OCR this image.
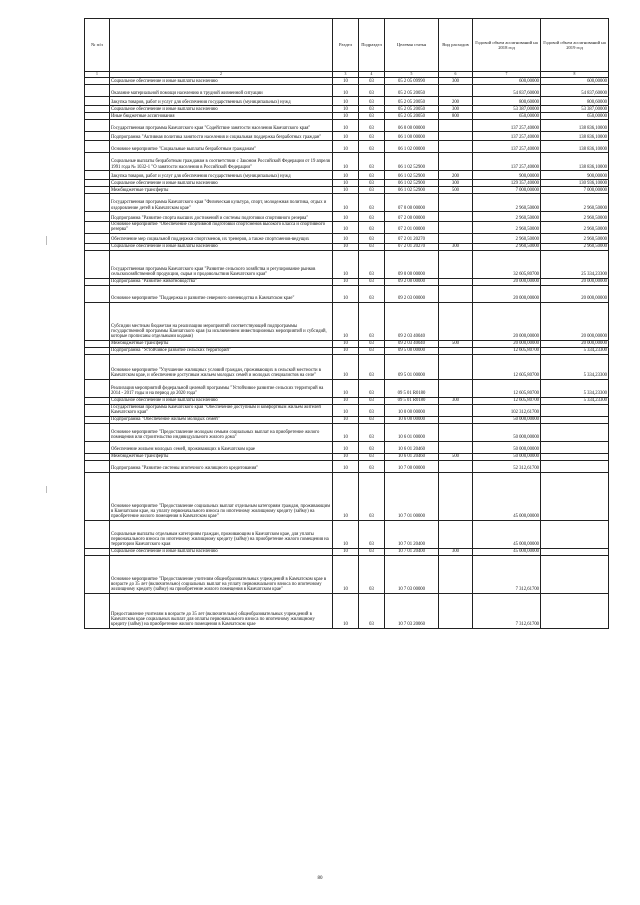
№ п/п		Раздел	Подраздел	Целевая статья	Вид расходов	Годовой объем ассигнований на 2018 год	Годовой объем ассигнований на 2019 год
1	2	3	4	5	6	7	8
	Социальное обеспечение и иные выплаты населению	10	03	05 2 05 09990	300	600,00000	600,00000
	Оказание материальной помощи населению в трудной жизненной ситуации	10	03	05 2 05 20050		54 837,60000	54 837,60000
	Закупка товаров, работ и услуг для обеспечения государственных (муниципальных) нужд	10	03	05 2 05 20050	200	800,60000	800,60000
	Социальное обеспечение и иные выплаты населению	10	03	05 2 05 20050	300	53 387,00000	53 387,00000
	Иные бюджетные ассигнования	10	03	05 2 05 20050	800	650,00000	650,00000
	Государственная программа Камчатского края "Содействие занятости населения Камчатского края"	10	03	06 0 00 00000		137 257,40000	138 836,10000
	Подпрограмма "Активная политика занятости населения и социальная поддержка безработных граждан"	10	03	06 1 00 00000		137 257,40000	138 836,10000
	Основное мероприятие "Социальные выплаты безработным гражданам"	10	03	06 1 02 00000		137 257,40000	138 836,10000
	Социальные выплаты безработным гражданам в соответствии с Законом Российской Федерации от 19 апреля 1991 года № 1032-1 "О занятости населения в Российской Федерации"	10	03	06 1 02 52900		137 257,40000	138 836,10000
	Закупка товаров, работ и услуг для обеспечения государственных (муниципальных) нужд	10	03	06 1 02 52900	200	900,00000	900,00000
	Социальное обеспечение и иные выплаты населению	10	03	06 1 02 52900	300	129 357,40000	130 936,10000
	Межбюджетные трансферты	10	03	06 1 02 52900	500	7 000,00000	7 000,00000
	Государственная программа Камчатского края "Физическая культура, спорт, молодежная политика, отдых и оздоровление детей в Камчатском крае"	10	03	07 0 00 00000		2 960,50000	2 960,50000
	Подпрограмма "Развитие спорта высших достижений и системы подготовки спортивного резерва"	10	03	07 2 00 00000		2 960,50000	2 960,50000
	Основное мероприятие "Обеспечение спортивной подготовки спортсменов высокого класса и спортивного резерва"	10	03	07 2 01 00000		2 960,50000	2 960,50000
	Обеспечение мер социальной поддержки спортсменов, их тренеров, а также спортсменов-ведущих	10	03	07 2 01 20270		2 960,50000	2 960,50000
	Социальное обеспечение и иные выплаты населению	10	03	07 2 01 20270	300	2 960,50000	2 960,50000
	Государственная программа Камчатского края "Развитие сельского хозяйства и регулирование рынков сельскохозяйственной продукции, сырья и продовольствия Камчатского края"	10	03	09 0 00 00000		32 605,80700	25 334,23300
	Подпрограмма "Развитие животноводства"	10	03	09 2 00 00000		20 000,00000	20 000,00000
	Основное мероприятие "Поддержка и развитие северного оленеводства в Камчатском крае"	10	03	09 2 03 00000		20 000,00000	20 000,00000
	Субсидии местным бюджетам на реализацию мероприятий соответствующей подпрограммы государственной программы Камчатского края (за исключением инвестиционных мероприятий и субсидий, которые прописаны отдельными кодами)	10	03	09 2 03 40040		20 000,00000	20 000,00000
	Межбюджетные трансферты	10	03	09 2 03 40040	500	20 000,00000	20 000,00000
	Подпрограмма "Устойчивое развитие сельских территорий"	10	03	09 5 00 00000		12 605,80700	5 334,23300
	Основное мероприятие "Улучшение жилищных условий граждан, проживающих в сельской местности в Камчатском крае, и обеспечение доступным жильем молодых семей и молодых специалистов на селе"	10	03	09 5 01 00000		12 605,80700	5 334,23300
	Реализация мероприятий федеральной целевой программы "Устойчивое развитие сельских территорий на 2014 - 2017 годы и на период до 2020 года"	10	03	09 5 01 R0180		12 605,80700	5 334,23300
	Социальное обеспечение и иные выплаты населению	10	03	09 5 01 R0180	300	12 605,80700	5 334,23300
	Государственная программа Камчатского края "Обеспечение доступным и комфортным жильем жителей Камчатского края"	10	03	10 0 00 00000		102 312,61700	
	Подпрограмма "Обеспечение жильем молодых семей"	10	03	10 6 00 00000		50 000,00000	
	Основное мероприятие "Предоставление молодым семьям социальных выплат на приобретение жилого помещения или строительство индивидуального жилого дома"	10	03	10 6 01 00000		50 000,00000	
	Обеспечение жильем молодых семей, проживающих в Камчатском крае	10	03	10 6 01 20460		50 000,00000	
	Межбюджетные трансферты	10	03	10 6 01 20460	500	50 000,00000	
	Подпрограмма "Развитие системы ипотечного жилищного кредитования"	10	03	10 7 00 00000		52 312,61700	
	Основное мероприятие "Предоставление социальных выплат отдельным категориям граждан, проживающим в Камчатском крае, на уплату первоначального взноса по ипотечному жилищному кредиту (займу) на приобретение жилого помещения в Камчатском крае"	10	03	10 7 01 00000		45 000,00000	
	Социальные выплаты отдельным категориям граждан, проживающим в Камчатском крае, для уплаты первоначального взноса по ипотечному жилищному кредиту (займу) на приобретение жилого помещения на территории Камчатского края	10	03	10 7 01 20400		45 000,00000	
	Социальное обеспечение и иные выплаты населению	10	03	10 7 01 20400	300	45 000,00000	
	Основное мероприятие "Предоставление учителям общеобразовательных учреждений в Камчатском крае в возрасте до 35 лет (включительно) социальных выплат на уплату первоначального взноса по ипотечному жилищному кредиту (займу) на приобретение жилого помещения в Камчатском крае"	10	03	10 7 03 00000		7 312,61700	
	Предоставление учителям в возрасте до 35 лет (включительно) общеобразовательных учреждений в Камчатском крае социальных выплат для оплаты первоначального взноса по ипотечному жилищному кредиту (займу) на приобретение жилого помещения в Камчатском крае	10	03	10 7 03 20060		7 312,61700	
80
